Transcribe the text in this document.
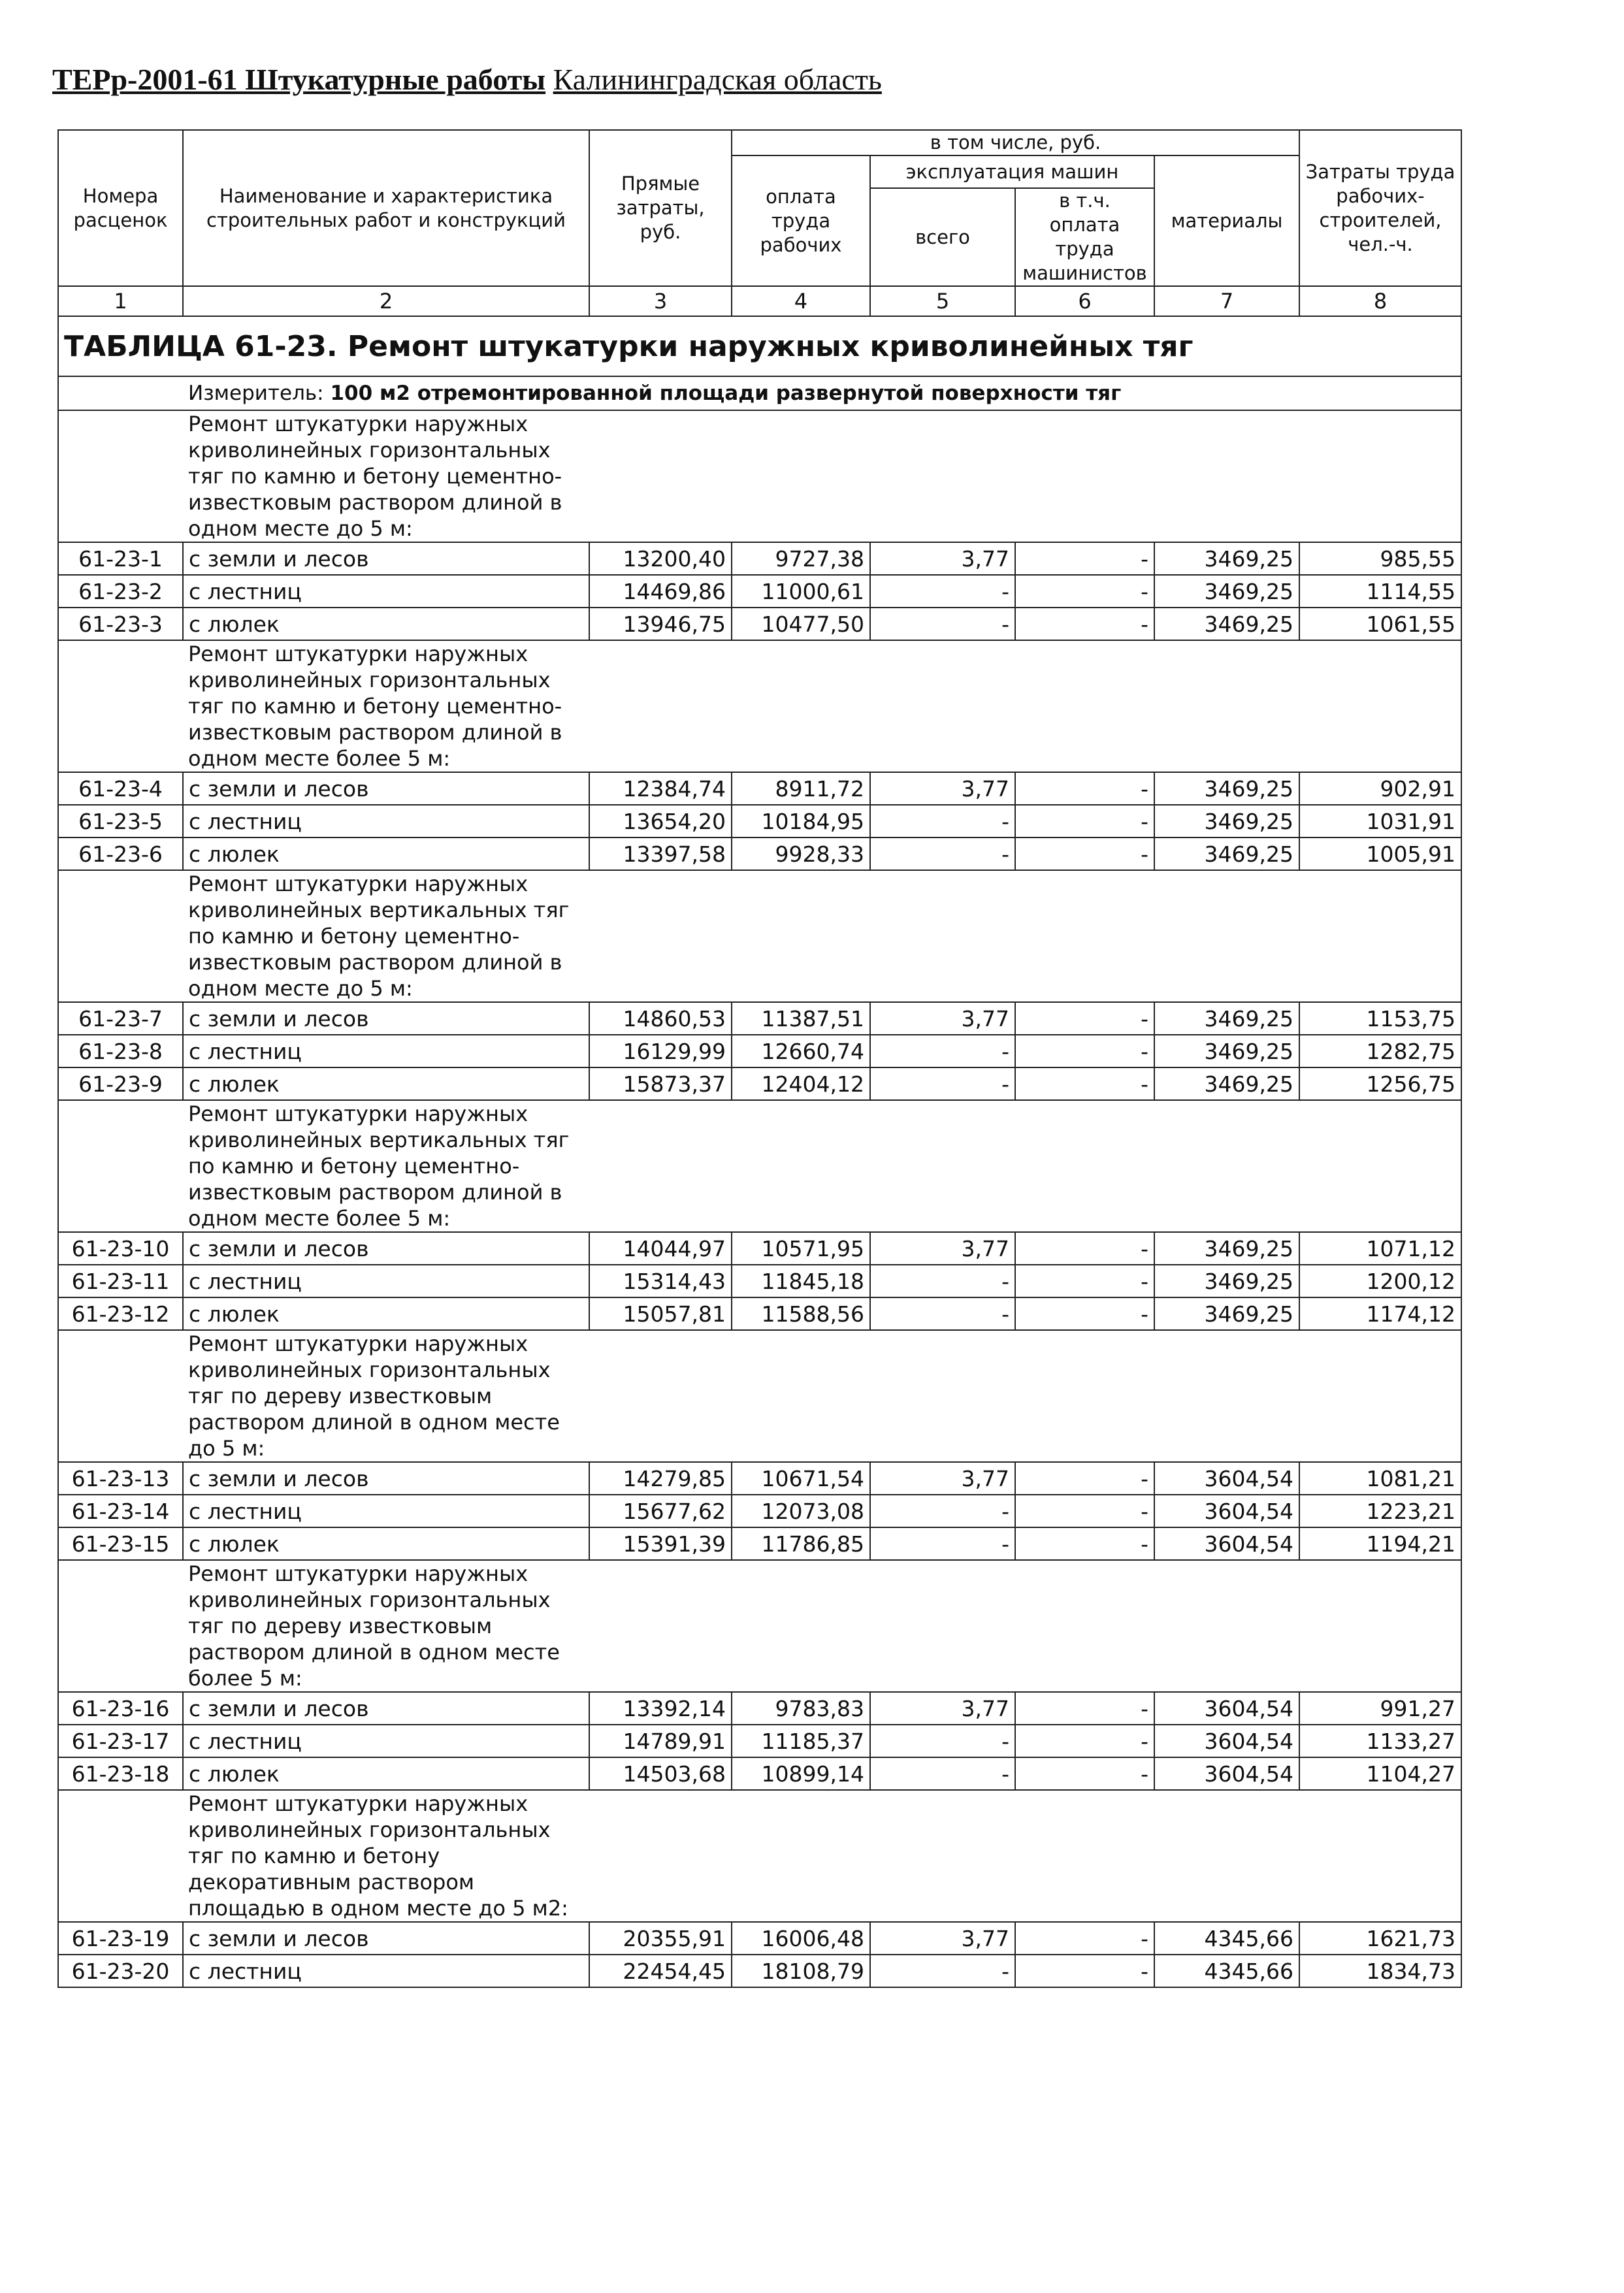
ТЕРр-2001-61 Штукатурные работы Калининградская область
Номера расценок	Наименование и характеристика строительных работ и конструкций	Прямые затраты, руб.	в том числе, руб.				Затраты труда рабочих-строителей, чел.-ч.
			оплата труда рабочих	эксплуатация машин		материалы	
				всего	в т.ч. оплата труда машинистов		
1	2	3	4	5	6	7	8
ТАБЛИЦА 61-23. Ремонт штукатурки наружных криволинейных тяг							
	Измеритель: 100 м2 отремонтированной площади развернутой поверхности тяг						
	Ремонт штукатурки наружных
криволинейных горизонтальных
тяг по камню и бетону цементно-
известковым раствором длиной в
одном месте до 5 м:						
61-23-1	с земли и лесов	13200,40	9727,38	3,77	-	3469,25	985,55
61-23-2	с лестниц	14469,86	11000,61	-	-	3469,25	1114,55
61-23-3	с люлек	13946,75	10477,50	-	-	3469,25	1061,55
	Ремонт штукатурки наружных
криволинейных горизонтальных
тяг по камню и бетону цементно-
известковым раствором длиной в
одном месте более 5 м:						
61-23-4	с земли и лесов	12384,74	8911,72	3,77	-	3469,25	902,91
61-23-5	с лестниц	13654,20	10184,95	-	-	3469,25	1031,91
61-23-6	с люлек	13397,58	9928,33	-	-	3469,25	1005,91
	Ремонт штукатурки наружных
криволинейных вертикальных тяг
по камню и бетону цементно-
известковым раствором длиной в
одном месте до 5 м:						
61-23-7	с земли и лесов	14860,53	11387,51	3,77	-	3469,25	1153,75
61-23-8	с лестниц	16129,99	12660,74	-	-	3469,25	1282,75
61-23-9	с люлек	15873,37	12404,12	-	-	3469,25	1256,75
	Ремонт штукатурки наружных
криволинейных вертикальных тяг
по камню и бетону цементно-
известковым раствором длиной в
одном месте более 5 м:						
61-23-10	с земли и лесов	14044,97	10571,95	3,77	-	3469,25	1071,12
61-23-11	с лестниц	15314,43	11845,18	-	-	3469,25	1200,12
61-23-12	с люлек	15057,81	11588,56	-	-	3469,25	1174,12
	Ремонт штукатурки наружных
криволинейных горизонтальных
тяг по дереву известковым
раствором длиной в одном месте
до 5 м:						
61-23-13	с земли и лесов	14279,85	10671,54	3,77	-	3604,54	1081,21
61-23-14	с лестниц	15677,62	12073,08	-	-	3604,54	1223,21
61-23-15	с люлек	15391,39	11786,85	-	-	3604,54	1194,21
	Ремонт штукатурки наружных
криволинейных горизонтальных
тяг по дереву известковым
раствором длиной в одном месте
более 5 м:						
61-23-16	с земли и лесов	13392,14	9783,83	3,77	-	3604,54	991,27
61-23-17	с лестниц	14789,91	11185,37	-	-	3604,54	1133,27
61-23-18	с люлек	14503,68	10899,14	-	-	3604,54	1104,27
	Ремонт штукатурки наружных
криволинейных горизонтальных
тяг по камню и бетону
декоративным раствором
площадью в одном месте до 5 м2:						
61-23-19	с земли и лесов	20355,91	16006,48	3,77	-	4345,66	1621,73
61-23-20	с лестниц	22454,45	18108,79	-	-	4345,66	1834,73
